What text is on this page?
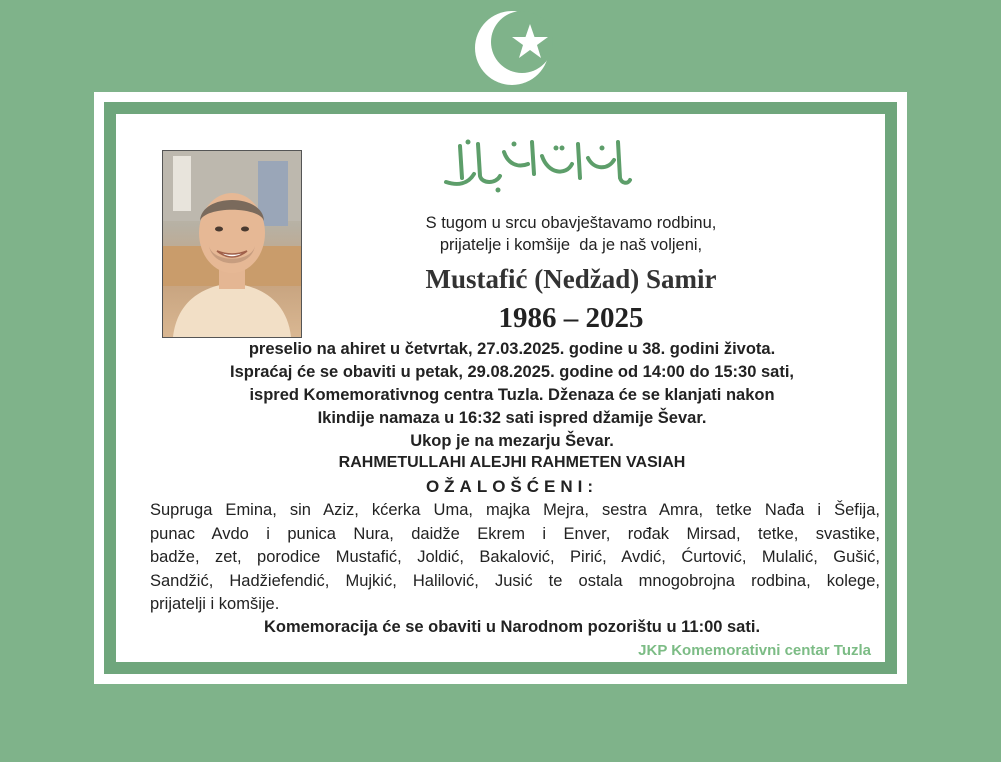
S tugom u srcu obavještavamo rodbinu,
prijatelje i komšije  da je naš voljeni,
Mustafić (Nedžad) Samir
1986 – 2025
preselio na ahiret u četvrtak, 27.03.2025. godine u 38. godini života.
Ispraćaj će se obaviti u petak, 29.08.2025. godine od 14:00 do 15:30 sati,
ispred Komemorativnog centra Tuzla. Dženaza će se klanjati nakon
Ikindije namaza u 16:32 sati ispred džamije Ševar.
Ukop je na mezarju Ševar.
RAHMETULLAHI ALEJHI RAHMETEN VASIAH
OŽALOŠĆENI:

Supruga Emina, sin Aziz, kćerka Uma, majka Mejra, sestra Amra, tetke Nađa i Šefija,

punac Avdo i punica Nura, daidže Ekrem i Enver, rođak Mirsad, tetke, svastike,

badže, zet, porodice Mustafić, Joldić, Bakalović, Pirić, Avdić, Ćurtović, Mulalić, Gušić,

Sandžić, Hadžiefendić, Mujkić, Halilović, Jusić te ostala mnogobrojna rodbina, kolege,

prijatelji i komšije.

Komemoracija će se obaviti u Narodnom pozorištu u 11:00 sati.
JKP Komemorativni centar Tuzla
